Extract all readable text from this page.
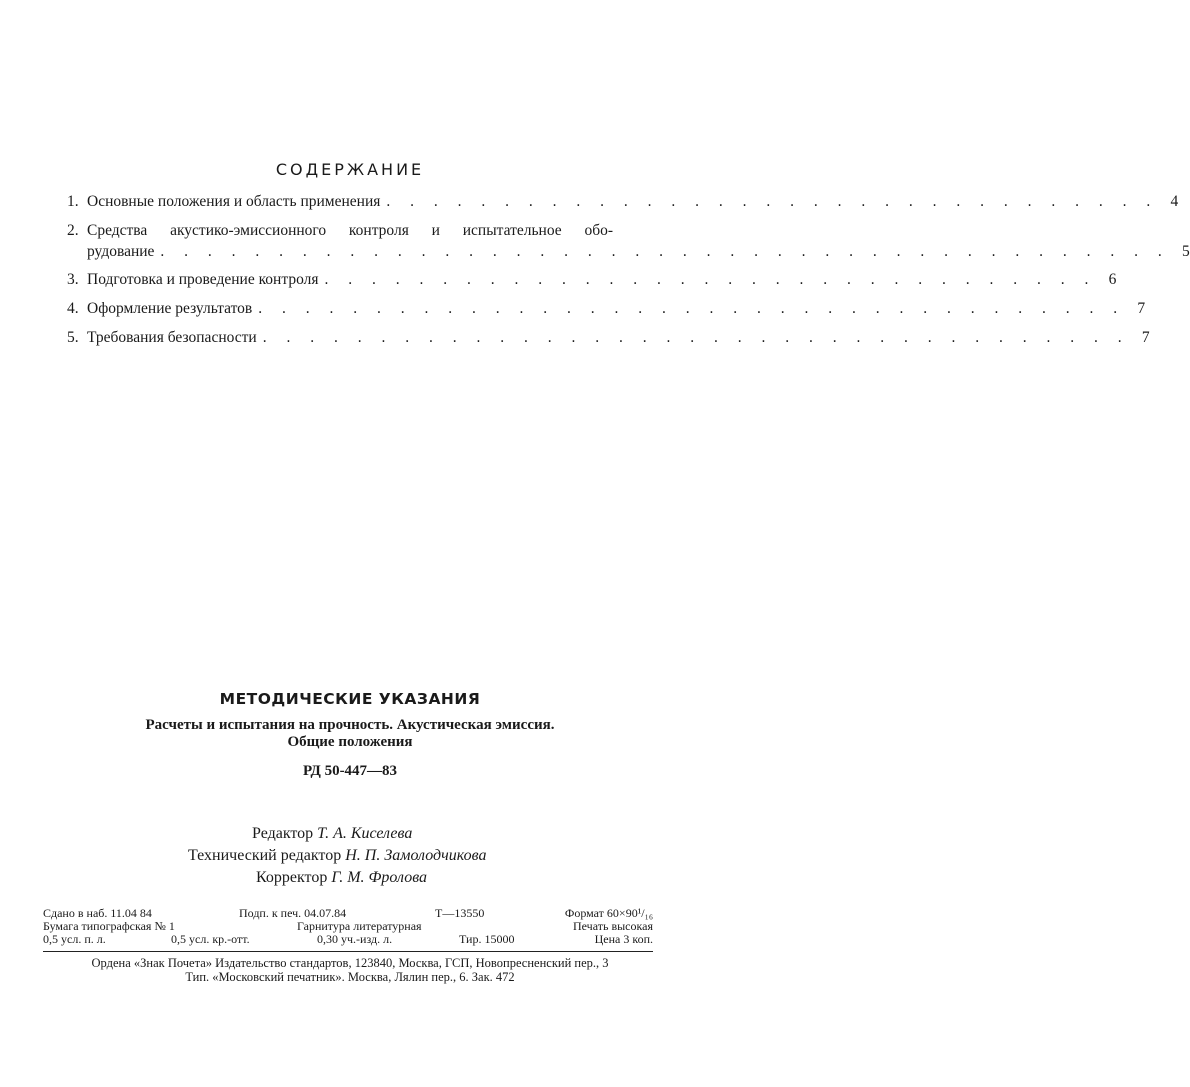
СОДЕРЖАНИЕ
1. Основные положения и область применения . . . . . . . . . . . . . . . . . . . . . . . . . . . . . . . . . 4
2. Средства акустико-эмиссионного контроля и испытательное обо-
рудование . . . . . . . . . . . . . . . . . . . . . . . . . . . . . . . . . . . . . . . . . . . 5
3. Подготовка и проведение контроля . . . . . . . . . . . . . . . . . . . . . . . . . . . . . . . . . 6
4. Оформление результатов . . . . . . . . . . . . . . . . . . . . . . . . . . . . . . . . . . . . . 7
5. Требования безопасности . . . . . . . . . . . . . . . . . . . . . . . . . . . . . . . . . . . . . 7
МЕТОДИЧЕСКИЕ УКАЗАНИЯ
Расчеты и испытания на прочность. Акустическая эмиссия.
Общие положения
РД 50-447—83
Редактор Т. А. Киселева
Технический редактор Н. П. Замолодчикова
Корректор Г. М. Фролова
Сдано в наб. 11.04 84	Подп. к печ. 04.07.84	Т—13550	Формат 60×90¹/₁₆
Бумага типографская № 1	Гарнитура литературная	Печать высокая
0,5 усл. п. л.	0,5 усл. кр.-отт.	0,30 уч.-изд. л.	Тир. 15000	Цена 3 коп.
Ордена «Знак Почета» Издательство стандартов, 123840, Москва, ГСП, Новопресненский пер., 3
Тип. «Московский печатник». Москва, Лялин пер., 6. Зак. 472
